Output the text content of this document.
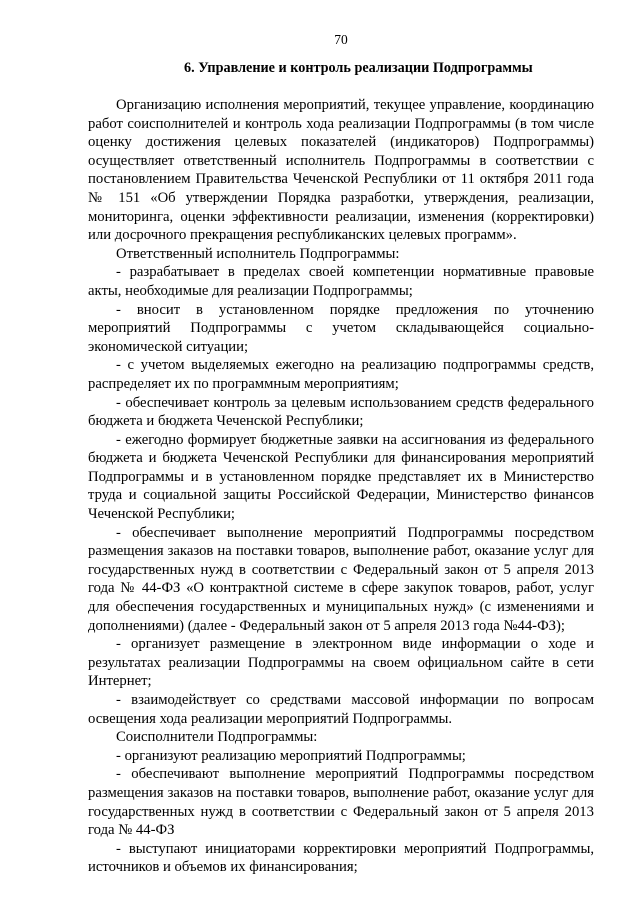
70
6. Управление и контроль реализации Подпрограммы

Организацию исполнения мероприятий, текущее управление, координацию работ соисполнителей и контроль хода реализации Подпрограммы (в том числе оценку достижения целевых показателей (индикаторов) Подпрограммы) осуществляет ответственный исполнитель Подпрограммы в соответствии с постановлением Правительства Чеченской Республики от 11 октября 2011 года № 151 «Об утверждении Порядка разработки, утверждения, реализации, мониторинга, оценки эффективности реализации, изменения (корректировки) или досрочного прекращения республиканских целевых программ».

Ответственный исполнитель Подпрограммы:

- разрабатывает в пределах своей компетенции нормативные правовые акты, необходимые для реализации Подпрограммы;

- вносит в установленном порядке предложения по уточнению мероприятий Подпрограммы с учетом складывающейся социально-экономической ситуации;

- с учетом выделяемых ежегодно на реализацию подпрограммы средств, распределяет их по программным мероприятиям;

- обеспечивает контроль за целевым использованием средств федерального бюджета и бюджета Чеченской Республики;

- ежегодно формирует бюджетные заявки на ассигнования из федерального бюджета и бюджета Чеченской Республики для финансирования мероприятий Подпрограммы и в установленном порядке представляет их в Министерство труда и социальной защиты Российской Федерации, Министерство финансов Чеченской Республики;

- обеспечивает выполнение мероприятий Подпрограммы посредством размещения заказов на поставки товаров, выполнение работ, оказание услуг для государственных нужд в соответствии с Федеральный закон от 5 апреля 2013 года № 44-ФЗ «О контрактной системе в сфере закупок товаров, работ, услуг для обеспечения государственных и муниципальных нужд» (с изменениями и дополнениями) (далее - Федеральный закон от 5 апреля 2013 года №44-ФЗ);

- организует размещение в электронном виде информации о ходе и результатах реализации Подпрограммы на своем официальном сайте в сети Интернет;

- взаимодействует со средствами массовой информации по вопросам освещения хода реализации мероприятий Подпрограммы.

Соисполнители Подпрограммы:

- организуют реализацию мероприятий Подпрограммы;

- обеспечивают выполнение мероприятий Подпрограммы посредством размещения заказов на поставки товаров, выполнение работ, оказание услуг для государственных нужд в соответствии с Федеральный закон от 5 апреля 2013 года № 44-ФЗ

- выступают инициаторами корректировки мероприятий Подпрограммы, источников и объемов их финансирования;
